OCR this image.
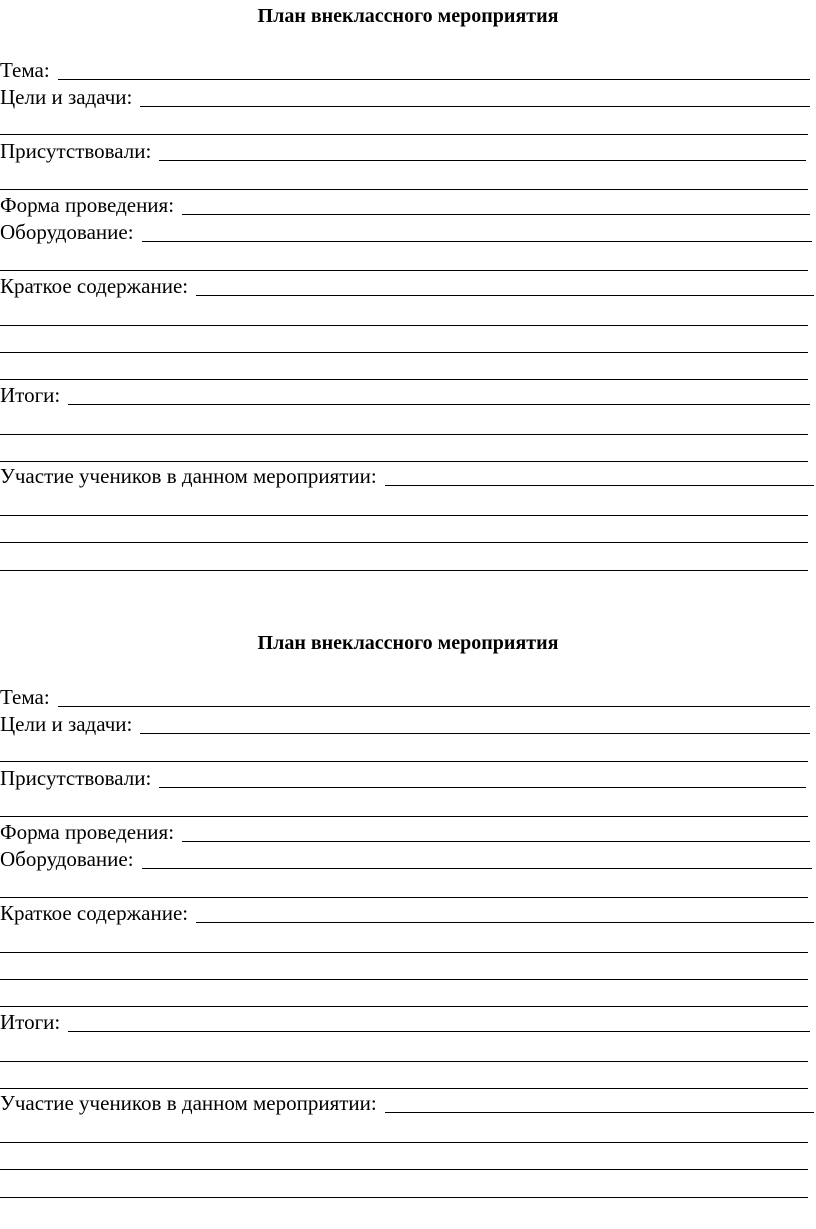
План внеклассного мероприятия
Тема:
Цели и задачи:
Присутствовали:
Форма проведения:
Оборудование:
Краткое содержание:
Итоги:
Участие учеников в данном мероприятии:
План внеклассного мероприятия
Тема:
Цели и задачи:
Присутствовали:
Форма проведения:
Оборудование:
Краткое содержание:
Итоги:
Участие учеников в данном мероприятии:
